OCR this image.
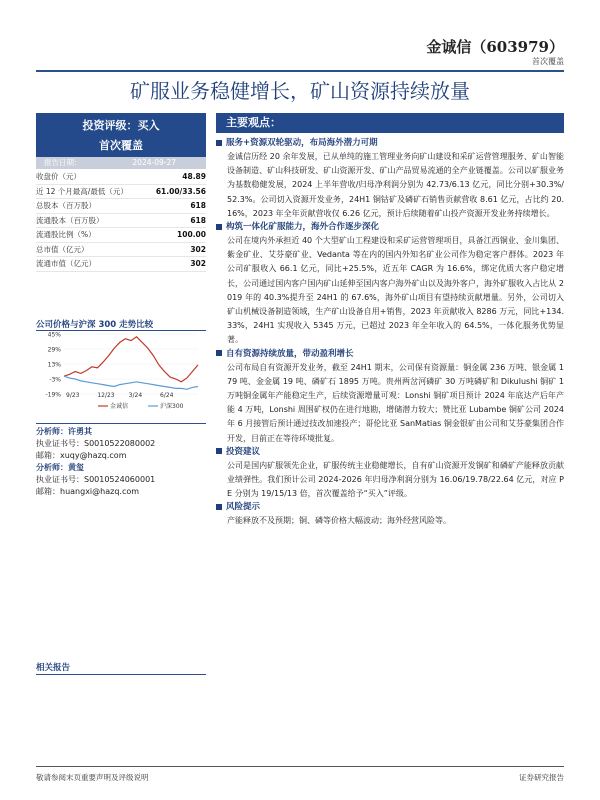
金诚信（603979）
首次覆盖
矿服业务稳健增长，矿山资源持续放量
投资评级：买入
首次覆盖
报告日期：	2024-09-27
收盘价（元）	48.89
近 12 个月最高/最低（元）	61.00/33.56
总股本（百万股）	618
流通股本（百万股）	618
流通股比例（%）	100.00
总市值（亿元）	302
流通市值（亿元）	302
公司价格与沪深 300 走势比较
45%
29%
13%
-3%
-19% 9/23	12/23 3/24	6/24
金诚信	沪深300
分析师：许勇其
执业证书号：S0010522080002
邮箱：xuqy@hazq.com
分析师：黄玺
执业证书号：S0010524060001
邮箱：huangxi@hazq.com
相关报告
主要观点：
服务+资源双轮驱动，布局海外潜力可期
金诚信历经 20 余年发展，已从单纯的施工管理业务向矿山建设和采矿运营管理服务、矿山智能设备制造、矿山科技研发、矿山资源开发、矿山产品贸易流通的全产业链覆盖。公司以矿服业务为基数稳健发展，2024 上半年营收/归母净利润分别为 42.73/6.13 亿元，同比分别+30.3%/52.3%。公司切入资源开发业务，24H1 铜钴矿及磷矿石销售贡献营收 8.61 亿元，占比约 20.16%，2023 年全年贡献营收仅 6.26 亿元，预计后续随着矿山投产资源开发业务持续增长。
构筑一体化矿服能力，海外合作逐步深化
公司在境内外承担近 40 个大型矿山工程建设和采矿运营管理项目，具备江西铜业、金川集团、紫金矿业、艾芬豪矿业、Vedanta 等在内的国内外知名矿业公司作为稳定客户群体。2023 年公司矿服收入 66.1 亿元，同比+25.5%，近五年 CAGR 为 16.6%，绑定优质大客户稳定增长，公司通过国内客户国内矿山延伸至国内客户海外矿山以及海外客户，海外矿服收入占比从 2019 年的 40.3%提升至 24H1 的 67.6%，海外矿山项目有望持续贡献增量。另外，公司切入矿山机械设备制造领域，生产矿山设备自用+销售，2023 年贡献收入 8286 万元，同比+134.33%，24H1 实现收入 5345 万元，已超过 2023 年全年收入的 64.5%，一体化服务优势显著。
自有资源持续放量，带动盈利增长
公司布局自有资源开发业务，截至 24H1 期末，公司保有资源量：铜金属 236 万吨、银金属 179 吨、金金属 19 吨、磷矿石 1895 万吨。贵州两岔河磷矿 30 万吨磷矿和 Dikulushi 铜矿 1 万吨铜金属年产能稳定生产，后续资源增量可观：Lonshi 铜矿项目预计 2024 年底达产后年产能 4 万吨，Lonshi 周围矿权仍在进行地勘，增储潜力较大；赞比亚 Lubambe 铜矿公司 2024 年 6 月接管后预计通过技改加速投产；哥伦比亚 SanMatias 铜金银矿由公司和艾芬豪集团合作开发，目前正在等待环境批复。
投资建议
公司是国内矿服领先企业，矿服传统主业稳健增长，自有矿山资源开发铜矿和磷矿产能释放贡献业绩弹性。我们预计公司 2024-2026 年归母净利润分别为 16.06/19.78/22.64 亿元，对应 PE 分别为 19/15/13 倍，首次覆盖给予“买入”评级。
风险提示
产能释放不及预期；铜、磷等价格大幅波动；海外经营风险等。
敬请参阅末页重要声明及评级说明	证券研究报告
